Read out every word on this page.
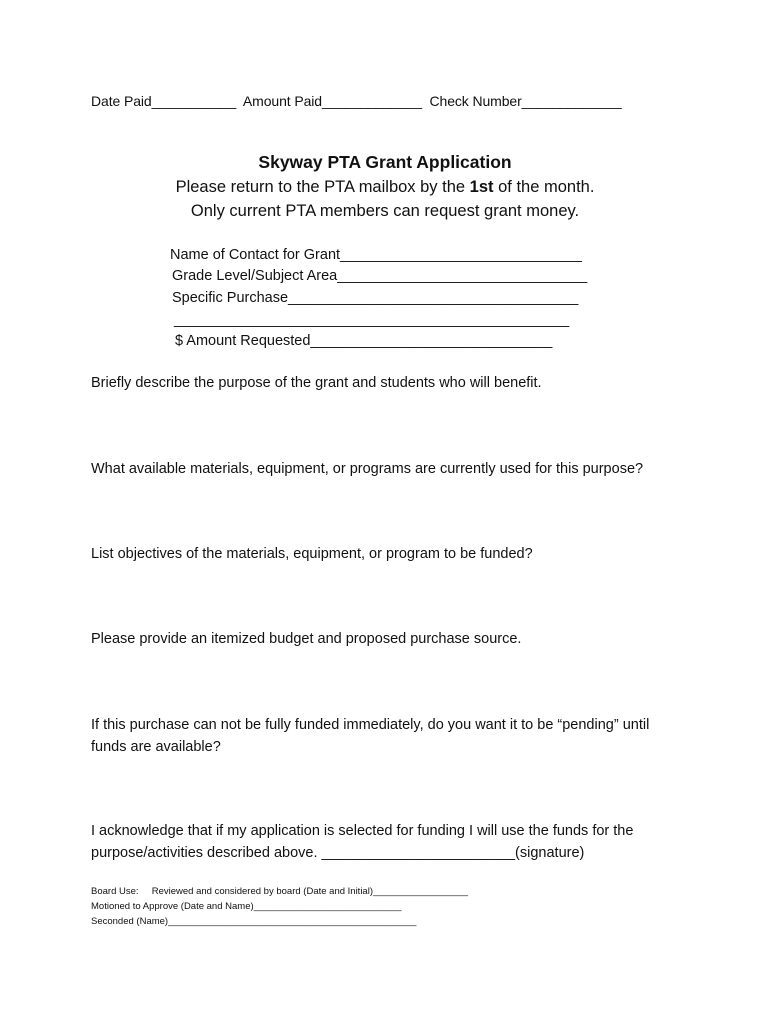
Date Paid___________  Amount Paid_____________  Check Number_____________
Skyway PTA Grant Application
Please return to the PTA mailbox by the 1st of the month.
Only current PTA members can request grant money.
Name of Contact for Grant______________________________
Grade Level/Subject Area_______________________________
Specific Purchase____________________________________
_________________________________________________
$ Amount Requested______________________________
Briefly describe the purpose of the grant and students who will benefit.
What available materials, equipment, or programs are currently used for this purpose?
List objectives of the materials, equipment, or program to be funded?
Please provide an itemized budget and proposed purchase source.
If this purchase can not be fully funded immediately, do you want it to be “pending” until
funds are available?
I acknowledge that if my application is selected for funding I will use the funds for the
purpose/activities described above. ________________________(signature)
Board Use:     Reviewed and considered by board (Date and Initial)__________________
Motioned to Approve (Date and Name)____________________________
Seconded (Name)_______________________________________________
